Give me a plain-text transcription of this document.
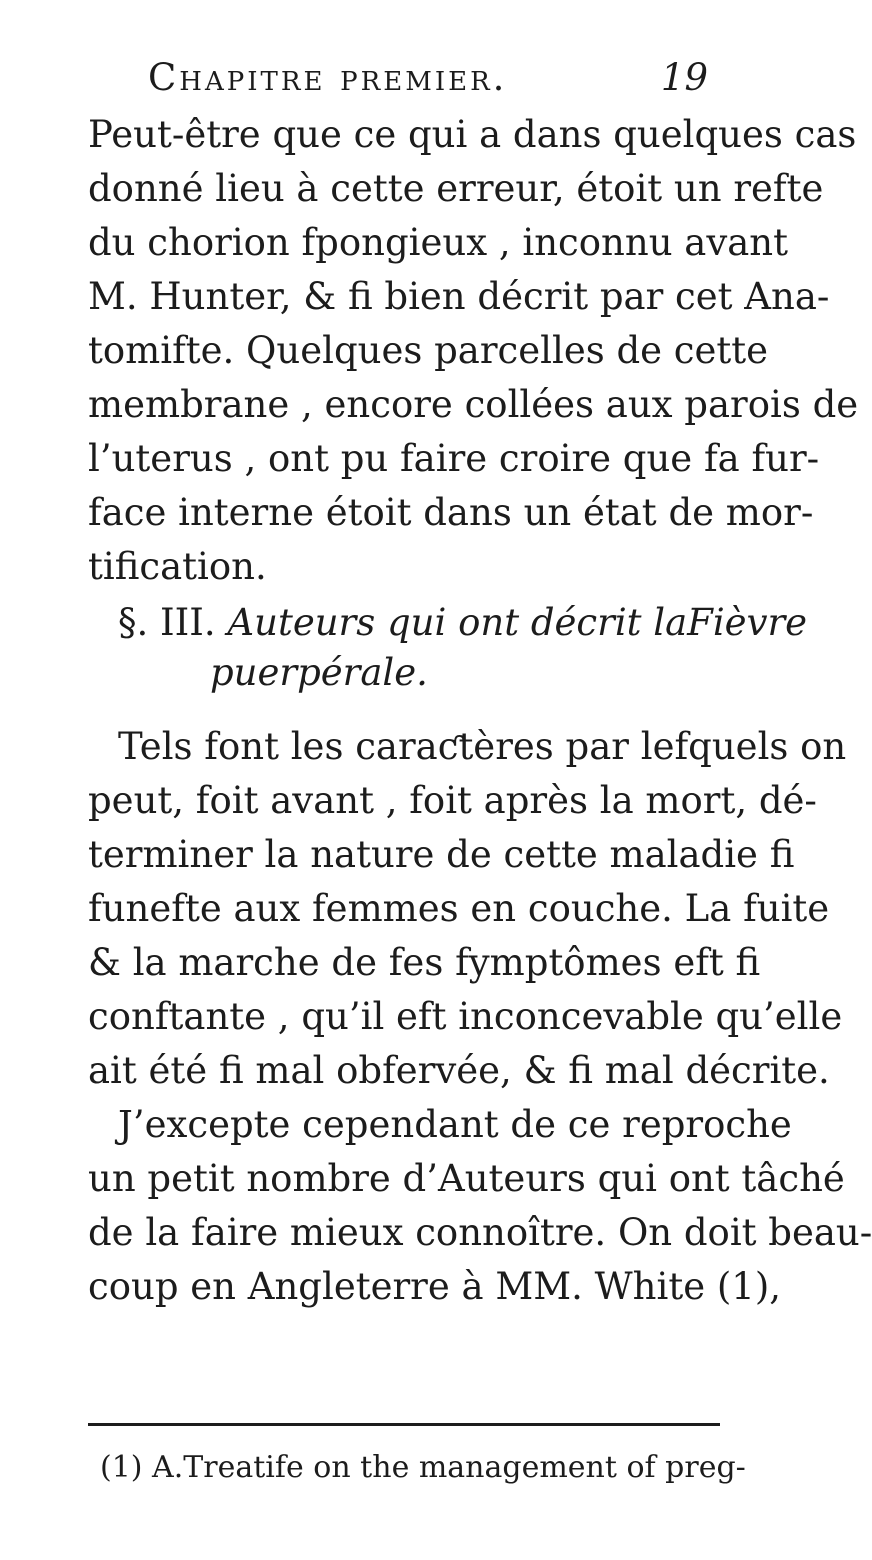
Chapitre premier.	19
Peut-être que ce qui a dans quelques cas
donné lieu à cette erreur, étoit un refte
du chorion fpongieux , inconnu avant
M. Hunter, & fi bien décrit par cet Ana-
tomifte. Quelques parcelles de cette
membrane , encore collées aux parois de
l’uterus , ont pu faire croire que fa fur-
face interne étoit dans un état de mor-
tification.
§. III. Auteurs qui ont décrit laFièvre
puerpérale.
Tels font les caraƈtères par lefquels on
peut, foit avant , foit après la mort, dé-
terminer la nature de cette maladie fi
funefte aux femmes en couche. La fuite
& la marche de fes fymptômes eft fi
conftante , qu’il eft inconcevable qu’elle
ait été fi mal obfervée, & fi mal décrite.
J’excepte cependant de ce reproche
un petit nombre d’Auteurs qui ont tâché
de la faire mieux connoître. On doit beau-
coup en Angleterre à MM. White (1),
(1) A.Treatife on the management of preg-
